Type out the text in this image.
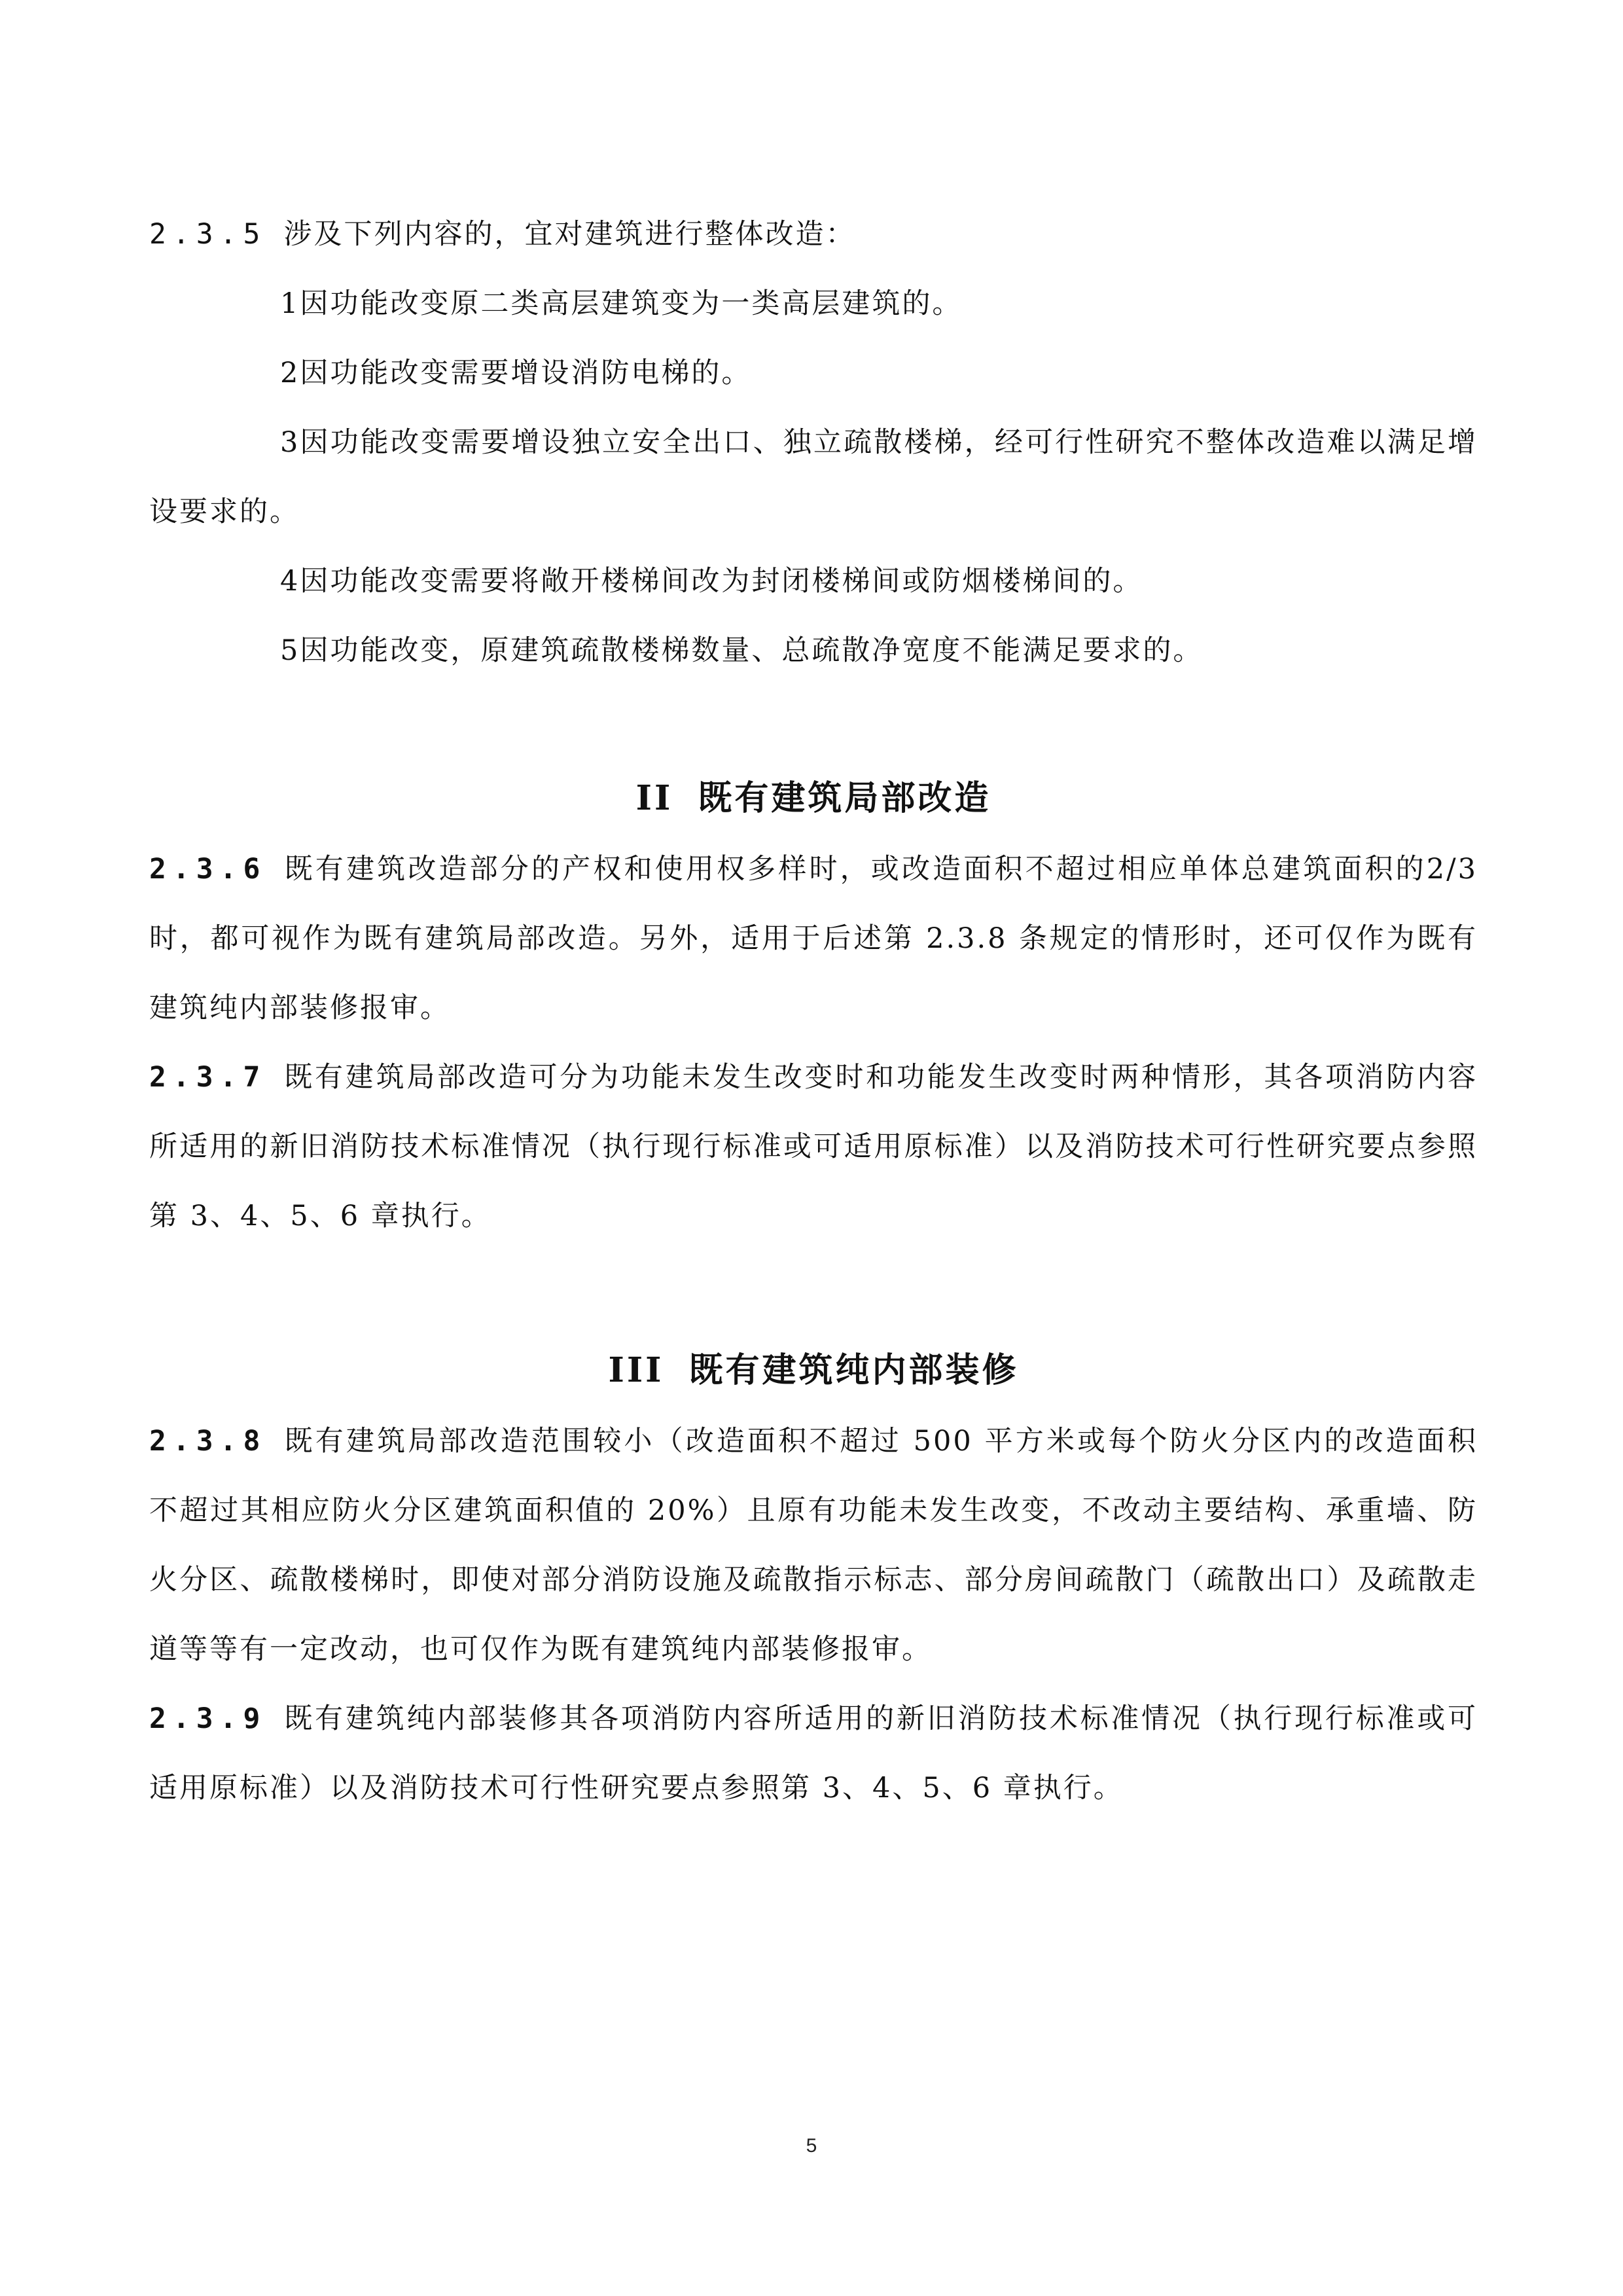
2.3.5 涉及下列内容的，宜对建筑进行整体改造：

1因功能改变原二类高层建筑变为一类高层建筑的。

2因功能改变需要增设消防电梯的。

3因功能改变需要增设独立安全出口、独立疏散楼梯，经可行性研究不整体改造难以满足增设要求的。

4因功能改变需要将敞开楼梯间改为封闭楼梯间或防烟楼梯间的。

5因功能改变，原建筑疏散楼梯数量、总疏散净宽度不能满足要求的。

II 既有建筑局部改造

2.3.6 既有建筑改造部分的产权和使用权多样时，或改造面积不超过相应单体总建筑面积的2/3时，都可视作为既有建筑局部改造。另外，适用于后述第 2.3.8 条规定的情形时，还可仅作为既有建筑纯内部装修报审。

2.3.7 既有建筑局部改造可分为功能未发生改变时和功能发生改变时两种情形，其各项消防内容所适用的新旧消防技术标准情况（执行现行标准或可适用原标准）以及消防技术可行性研究要点参照第 3、4、5、6 章执行。

III 既有建筑纯内部装修

2.3.8 既有建筑局部改造范围较小（改造面积不超过 500 平方米或每个防火分区内的改造面积不超过其相应防火分区建筑面积值的 20%）且原有功能未发生改变，不改动主要结构、承重墙、防火分区、疏散楼梯时，即使对部分消防设施及疏散指示标志、部分房间疏散门（疏散出口）及疏散走道等等有一定改动，也可仅作为既有建筑纯内部装修报审。

2.3.9 既有建筑纯内部装修其各项消防内容所适用的新旧消防技术标准情况（执行现行标准或可适用原标准）以及消防技术可行性研究要点参照第 3、4、5、6 章执行。

5
